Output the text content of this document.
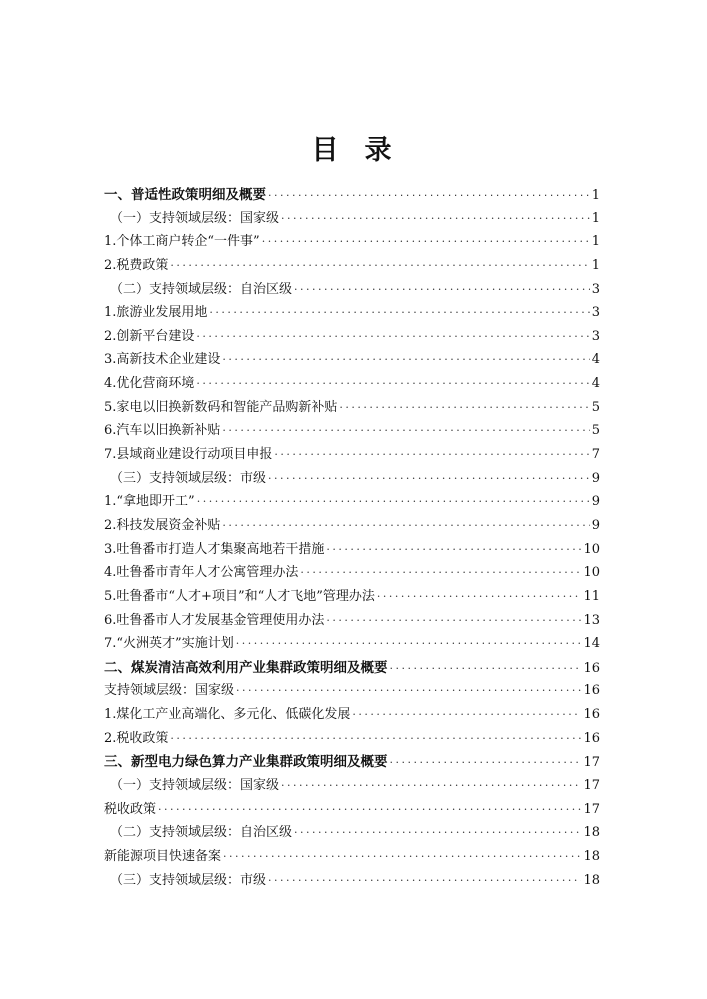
目 录
一、普适性政策明细及概要 ·····	1
（一）支持领域层级：国家级 ·····	1
1.个体工商户转企“一件事” ·····	1
2.税费政策 ·····	1
（二）支持领域层级：自治区级 ·····	3
1.旅游业发展用地 ·····	3
2.创新平台建设 ·····	3
3.高新技术企业建设 ·····	4
4.优化营商环境 ·····	4
5.家电以旧换新数码和智能产品购新补贴 ·····	5
6.汽车以旧换新补贴 ·····	5
7.县域商业建设行动项目申报 ·····	7
（三）支持领域层级：市级 ·····	9
1.“拿地即开工” ·····	9
2.科技发展资金补贴 ·····	9
3.吐鲁番市打造人才集聚高地若干措施 ·····	10
4.吐鲁番市青年人才公寓管理办法 ·····	10
5.吐鲁番市“人才+项目”和“人才飞地”管理办法 ·····	11
6.吐鲁番市人才发展基金管理使用办法 ·····	13
7.“火洲英才”实施计划 ·····	14
二、煤炭清洁高效利用产业集群政策明细及概要 ·····	16
支持领域层级：国家级 ·····	16
1.煤化工产业高端化、多元化、低碳化发展 ·····	16
2.税收政策 ·····	16
三、新型电力绿色算力产业集群政策明细及概要 ·····	17
（一）支持领域层级：国家级 ·····	17
税收政策 ·····	17
（二）支持领域层级：自治区级 ·····	18
新能源项目快速备案 ·····	18
（三）支持领域层级：市级 ·····	18
